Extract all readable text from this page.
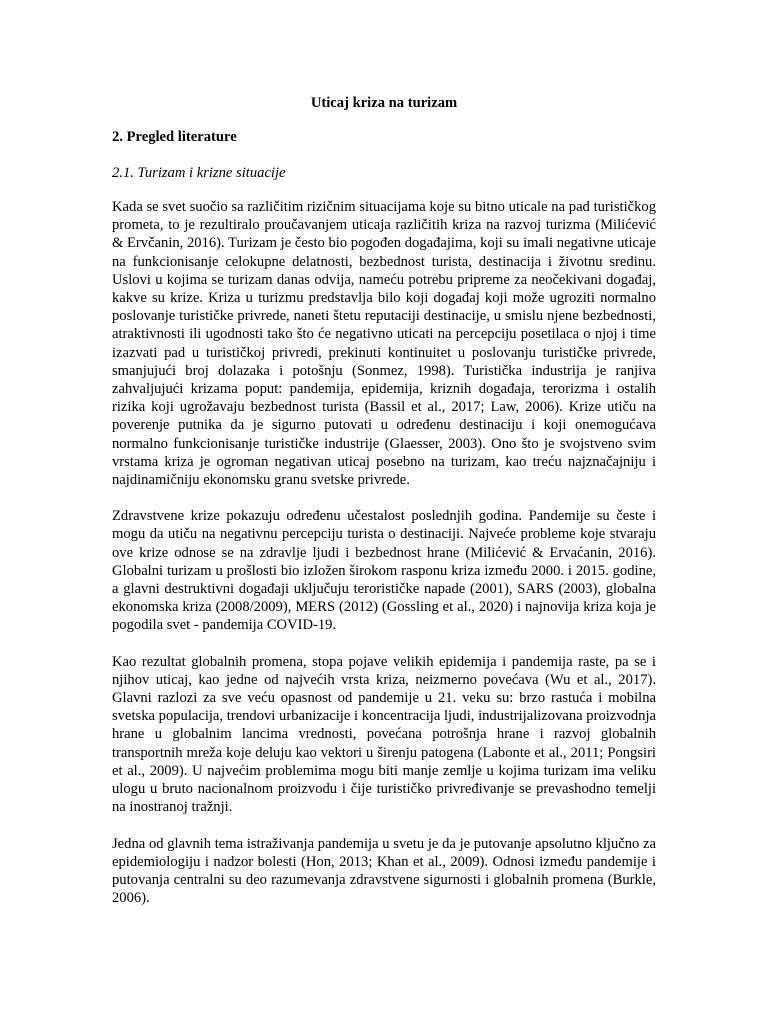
Uticaj kriza na turizam
2. Pregled literature
2.1. Turizam i krizne situacije

Kada se svet suočio sa različitim rizičnim situacijama koje su bitno uticale na pad turističkog prometa, to je rezultiralo proučavanjem uticaja različitih kriza na razvoj turizma (Milićević & Ervčanin, 2016). Turizam je često bio pogođen događajima, koji su imali negativne uticaje na funkcionisanje celokupne delatnosti, bezbednost turista, destinacija i životnu sredinu. Uslovi u kojima se turizam danas odvija, nameću potrebu pripreme za neočekivani događaj, kakve su krize. Kriza u turizmu predstavlja bilo koji događaj koji može ugroziti normalno poslovanje turističke privrede, naneti štetu reputaciji destinacije, u smislu njene bezbednosti, atraktivnosti ili ugodnosti tako što će negativno uticati na percepciju posetilaca o njoj i time izazvati pad u turističkoj privredi, prekinuti kontinuitet u poslovanju turističke privrede, smanjujući broj dolazaka i potošnju (Sonmez, 1998). Turistička industrija je ranjiva zahvaljujući krizama poput: pandemija, epidemija, kriznih događaja, terorizma i ostalih rizika koji ugrožavaju bezbednost turista (Bassil et al., 2017; Law, 2006). Krize utiču na poverenje putnika da je sigurno putovati u određenu destinaciju i koji onemogućava normalno funkcionisanje turističke industrije (Glaesser, 2003). Ono što je svojstveno svim vrstama kriza je ogroman negativan uticaj posebno na turizam, kao treću najznačajniju i najdinamičniju ekonomsku granu svetske privrede.

Zdravstvene krize pokazuju određenu učestalost poslednjih godina. Pandemije su česte i mogu da utiču na negativnu percepciju turista o destinaciji. Najveće probleme koje stvaraju ove krize odnose se na zdravlje ljudi i bezbednost hrane (Milićević & Ervaćanin, 2016). Globalni turizam u prošlosti bio izložen širokom rasponu kriza između 2000. i 2015. godine, a glavni destruktivni događaji uključuju terorističke napade (2001), SARS (2003), globalna ekonomska kriza (2008/2009), MERS (2012) (Gossling et al., 2020) i najnovija kriza koja je pogodila svet - pandemija COVID-19.

Kao rezultat globalnih promena, stopa pojave velikih epidemija i pandemija raste, pa se i njihov uticaj, kao jedne od najvećih vrsta kriza, neizmerno povećava (Wu et al., 2017). Glavni razlozi za sve veću opasnost od pandemije u 21. veku su: brzo rastuća i mobilna svetska populacija, trendovi urbanizacije i koncentracija ljudi, industrijalizovana proizvodnja hrane u globalnim lancima vrednosti, povećana potrošnja hrane i razvoj globalnih transportnih mreža koje deluju kao vektori u širenju patogena (Labonte et al., 2011; Pongsiri et al., 2009). U najvećim problemima mogu biti manje zemlje u kojima turizam ima veliku ulogu u bruto nacionalnom proizvodu i čije turističko privređivanje se prevashodno temelji na inostranoj tražnji.

Jedna od glavnih tema istraživanja pandemija u svetu je da je putovanje apsolutno ključno za epidemiologiju i nadzor bolesti (Hon, 2013; Khan et al., 2009). Odnosi između pandemije i putovanja centralni su deo razumevanja zdravstvene sigurnosti i globalnih promena (Burkle, 2006).
